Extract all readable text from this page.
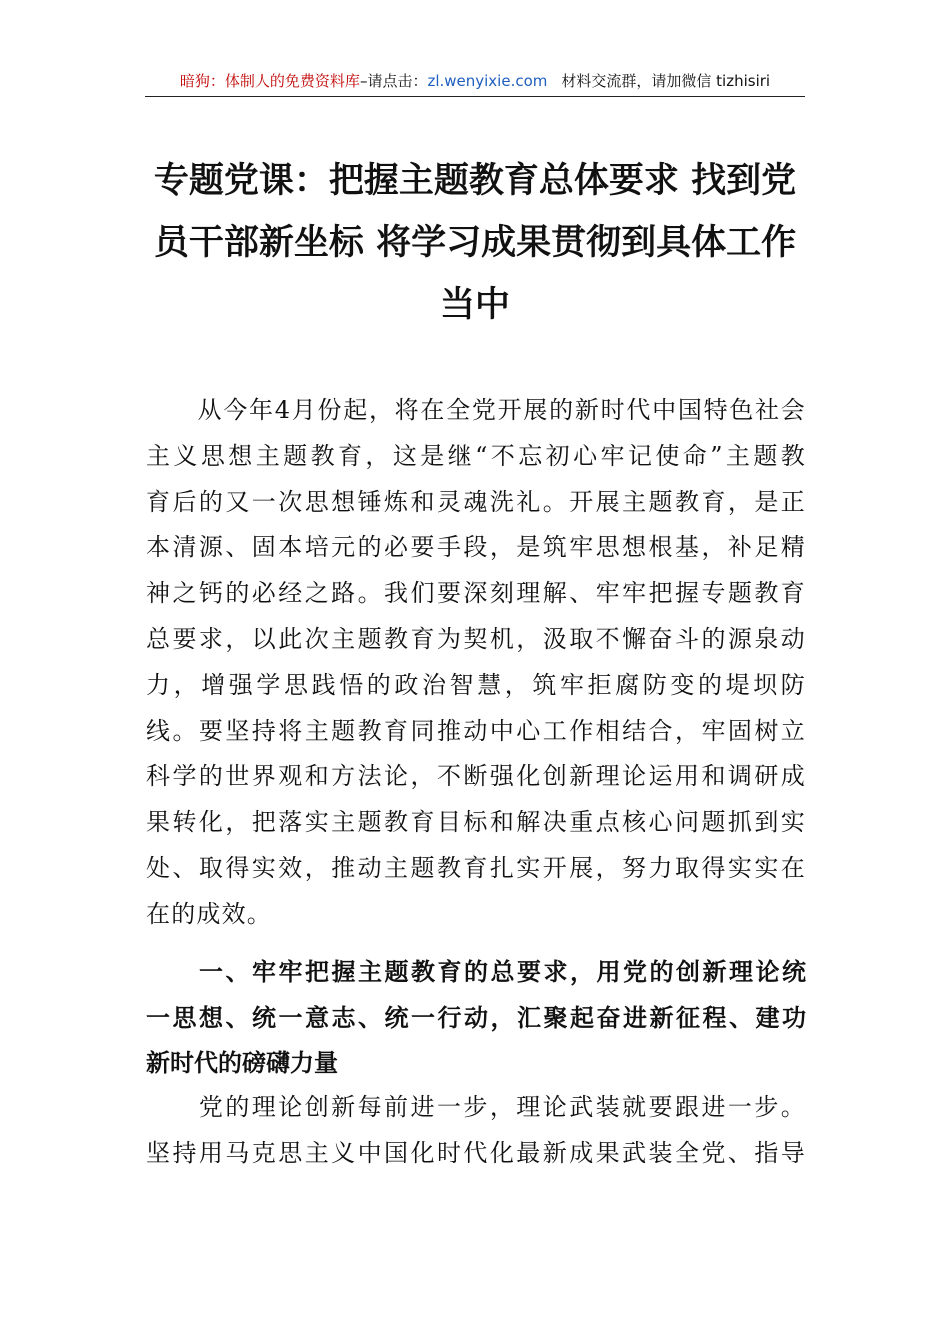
暗狗：体制人的免费资料库–请点击：zl.wenyixie.com 材料交流群，请加微信 tizhisiri
专题党课：把握主题教育总体要求 找到党
员干部新坐标 将学习成果贯彻到具体工作
当中
　　从今年4月份起，将在全党开展的新时代中国特色社会
主义思想主题教育，这是继“不忘初心牢记使命”主题教
育后的又一次思想锤炼和灵魂洗礼。开展主题教育，是正
本清源、固本培元的必要手段，是筑牢思想根基，补足精
神之钙的必经之路。我们要深刻理解、牢牢把握专题教育
总要求，以此次主题教育为契机，汲取不懈奋斗的源泉动
力，增强学思践悟的政治智慧，筑牢拒腐防变的堤坝防
线。要坚持将主题教育同推动中心工作相结合，牢固树立
科学的世界观和方法论，不断强化创新理论运用和调研成
果转化，把落实主题教育目标和解决重点核心问题抓到实
处、取得实效，推动主题教育扎实开展，努力取得实实在
在的成效。
　　一、牢牢把握主题教育的总要求，用党的创新理论统
一思想、统一意志、统一行动，汇聚起奋进新征程、建功
新时代的磅礴力量
　　党的理论创新每前进一步，理论武装就要跟进一步。
坚持用马克思主义中国化时代化最新成果武装全党、指导
